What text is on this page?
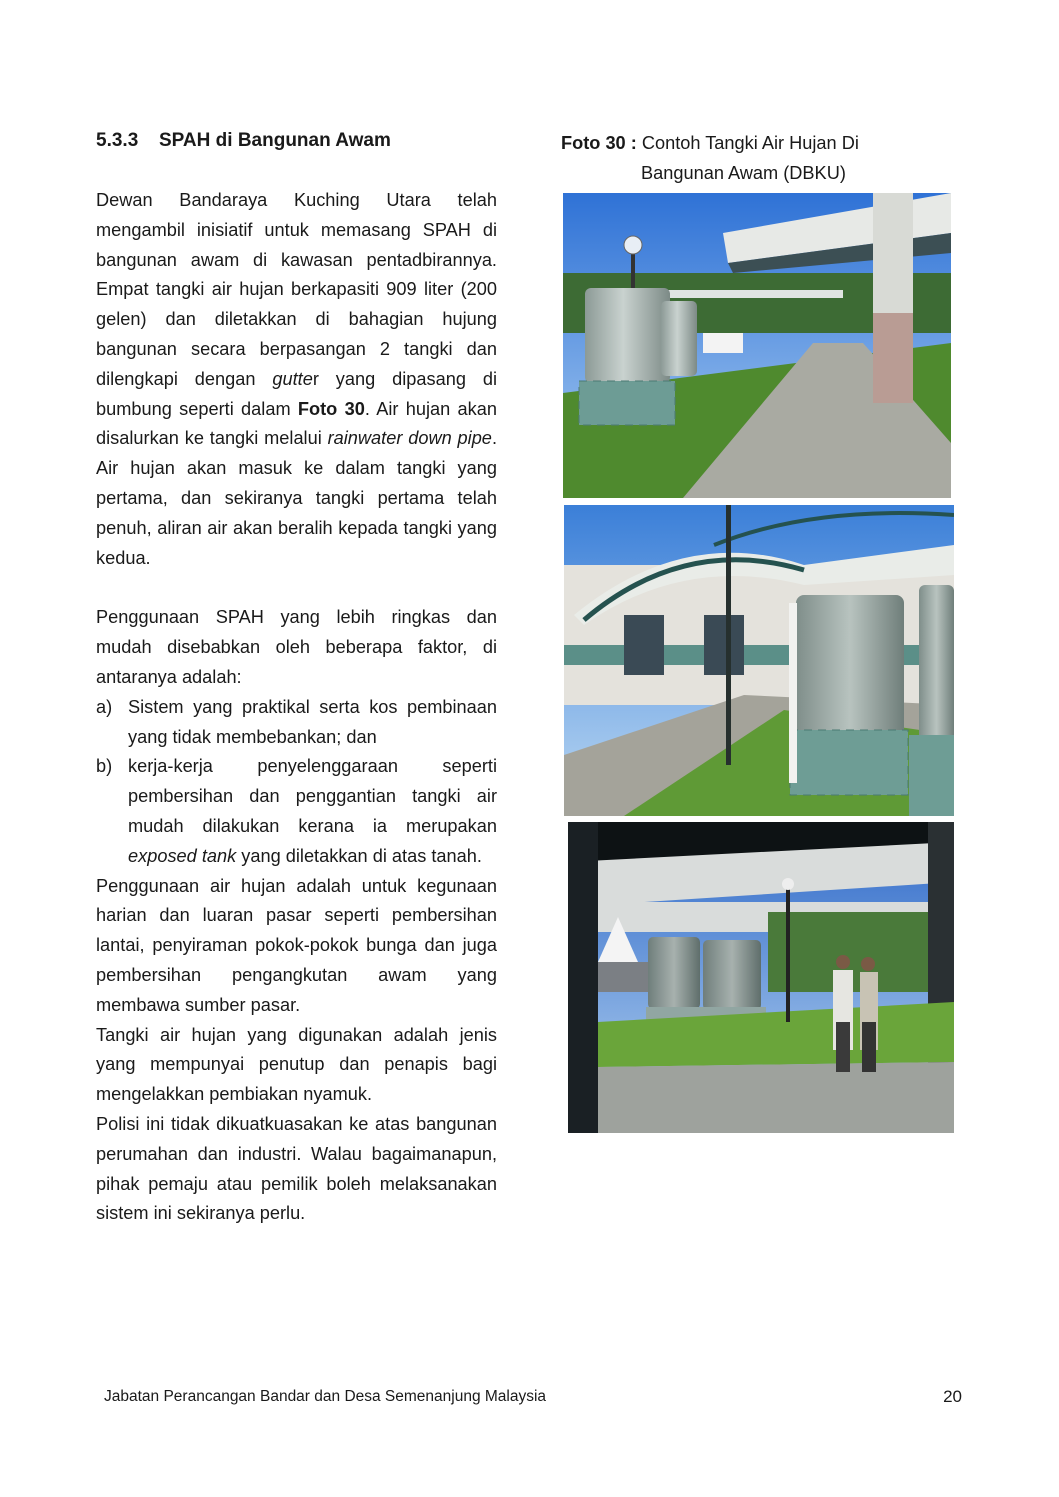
5.3.3 SPAH di Bangunan Awam

Dewan Bandaraya Kuching Utara telah mengambil inisiatif untuk memasang SPAH di bangunan awam di kawasan pentadbirannya. Empat tangki air hujan berkapasiti 909 liter (200 gelen) dan diletakkan di bahagian hujung bangunan secara berpasangan 2 tangki dan dilengkapi dengan gutter yang dipasang di bumbung seperti dalam Foto 30. Air hujan akan disalurkan ke tangki melalui rainwater down pipe. Air hujan akan masuk ke dalam tangki yang pertama, dan sekiranya tangki pertama telah penuh, aliran air akan beralih kepada tangki yang kedua.

Penggunaan SPAH yang lebih ringkas dan mudah disebabkan oleh beberapa faktor, di antaranya adalah:

a) Sistem yang praktikal serta kos pembinaan yang tidak membebankan; dan
b) kerja-kerja penyelenggaraan seperti pembersihan dan penggantian tangki air mudah dilakukan kerana ia merupakan exposed tank yang diletakkan di atas tanah.

Penggunaan air hujan adalah untuk kegunaan harian dan luaran pasar seperti pembersihan lantai, penyiraman pokok-pokok bunga dan juga pembersihan pengangkutan awam yang membawa sumber pasar.

Tangki air hujan yang digunakan adalah jenis yang mempunyai penutup dan penapis bagi mengelakkan pembiakan nyamuk.

Polisi ini tidak dikuatkuasakan ke atas bangunan perumahan dan industri. Walau bagaimanapun, pihak pemaju atau pemilik boleh melaksanakan sistem ini sekiranya perlu.

Foto 30 : Contoh Tangki Air Hujan Di
Bangunan Awam (DBKU)
Jabatan Perancangan Bandar dan Desa Semenanjung Malaysia	20
